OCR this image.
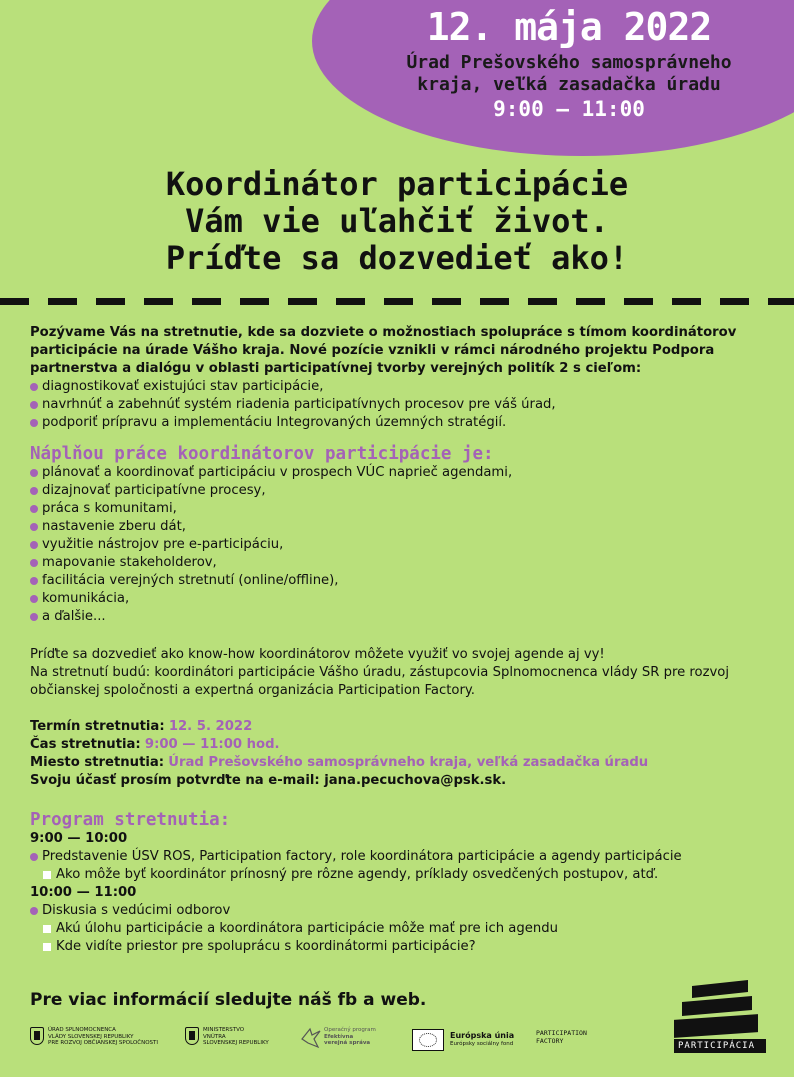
12. mája 2022
Úrad Prešovského samosprávneho kraja, veľká zasadačka úradu
9:00 — 11:00
Koordinátor participácie
Vám vie uľahčiť život.
Príďte sa dozvedieť ako!

Pozývame Vás na stretnutie, kde sa dozviete o možnostiach spolupráce s tímom koordinátorov participácie na úrade Vášho kraja. Nové pozície vznikli v rámci národného projektu Podpora partnerstva a dialógu v oblasti participatívnej tvorby verejných politík 2 s cieľom:

diagnostikovať existujúci stav participácie,
navrhnúť a zabehnúť systém riadenia participatívnych procesov pre váš úrad,
podporiť prípravu a implementáciu Integrovaných územných stratégií.
Náplňou práce koordinátorov participácie je:
plánovať a koordinovať participáciu v prospech VÚC naprieč agendami,
dizajnovať participatívne procesy,
práca s komunitami,
nastavenie zberu dát,
využitie nástrojov pre e-participáciu,
mapovanie stakeholderov,
facilitácia verejných stretnutí (online/offline),
komunikácia,
a ďalšie...
Príďte sa dozvedieť ako know-how koordinátorov môžete využiť vo svojej agende aj vy!
Na stretnutí budú: koordinátori participácie Vášho úradu, zástupcovia Splnomocnenca vlády SR pre rozvoj občianskej spoločnosti a expertná organizácia Participation Factory.
Termín stretnutia: 12. 5. 2022
Čas stretnutia: 9:00 — 11:00 hod.
Miesto stretnutia: Úrad Prešovského samosprávneho kraja, veľká zasadačka úradu
Svoju účasť prosím potvrďte na e-mail: jana.pecuchova@psk.sk.
Program stretnutia:
9:00 — 10:00
Predstavenie ÚSV ROS, Participation factory, role koordinátora participácie a agendy participácie
Ako môže byť koordinátor prínosný pre rôzne agendy, príklady osvedčených postupov, atď.
10:00 — 11:00
Diskusia s vedúcimi odborov
Akú úlohu participácie a koordinátora participácie môže mať pre ich agendu
Kde vidíte priestor pre spoluprácu s koordinátormi participácie?
Pre viac informácií sledujte náš fb a web.
ÚRAD SPLNOMOCNENCA
VLÁDY SLOVENSKEJ REPUBLIKY
PRE ROZVOJ OBČIANSKEJ SPOLOČNOSTI
MINISTERSTVO
VNÚTRA
SLOVENSKEJ REPUBLIKY
Operačný program
Efektívna
verejná správa
Európska únia
Európsky sociálny fond
PARTICIPATION
FACTORY	PARTICIPÁCIA
